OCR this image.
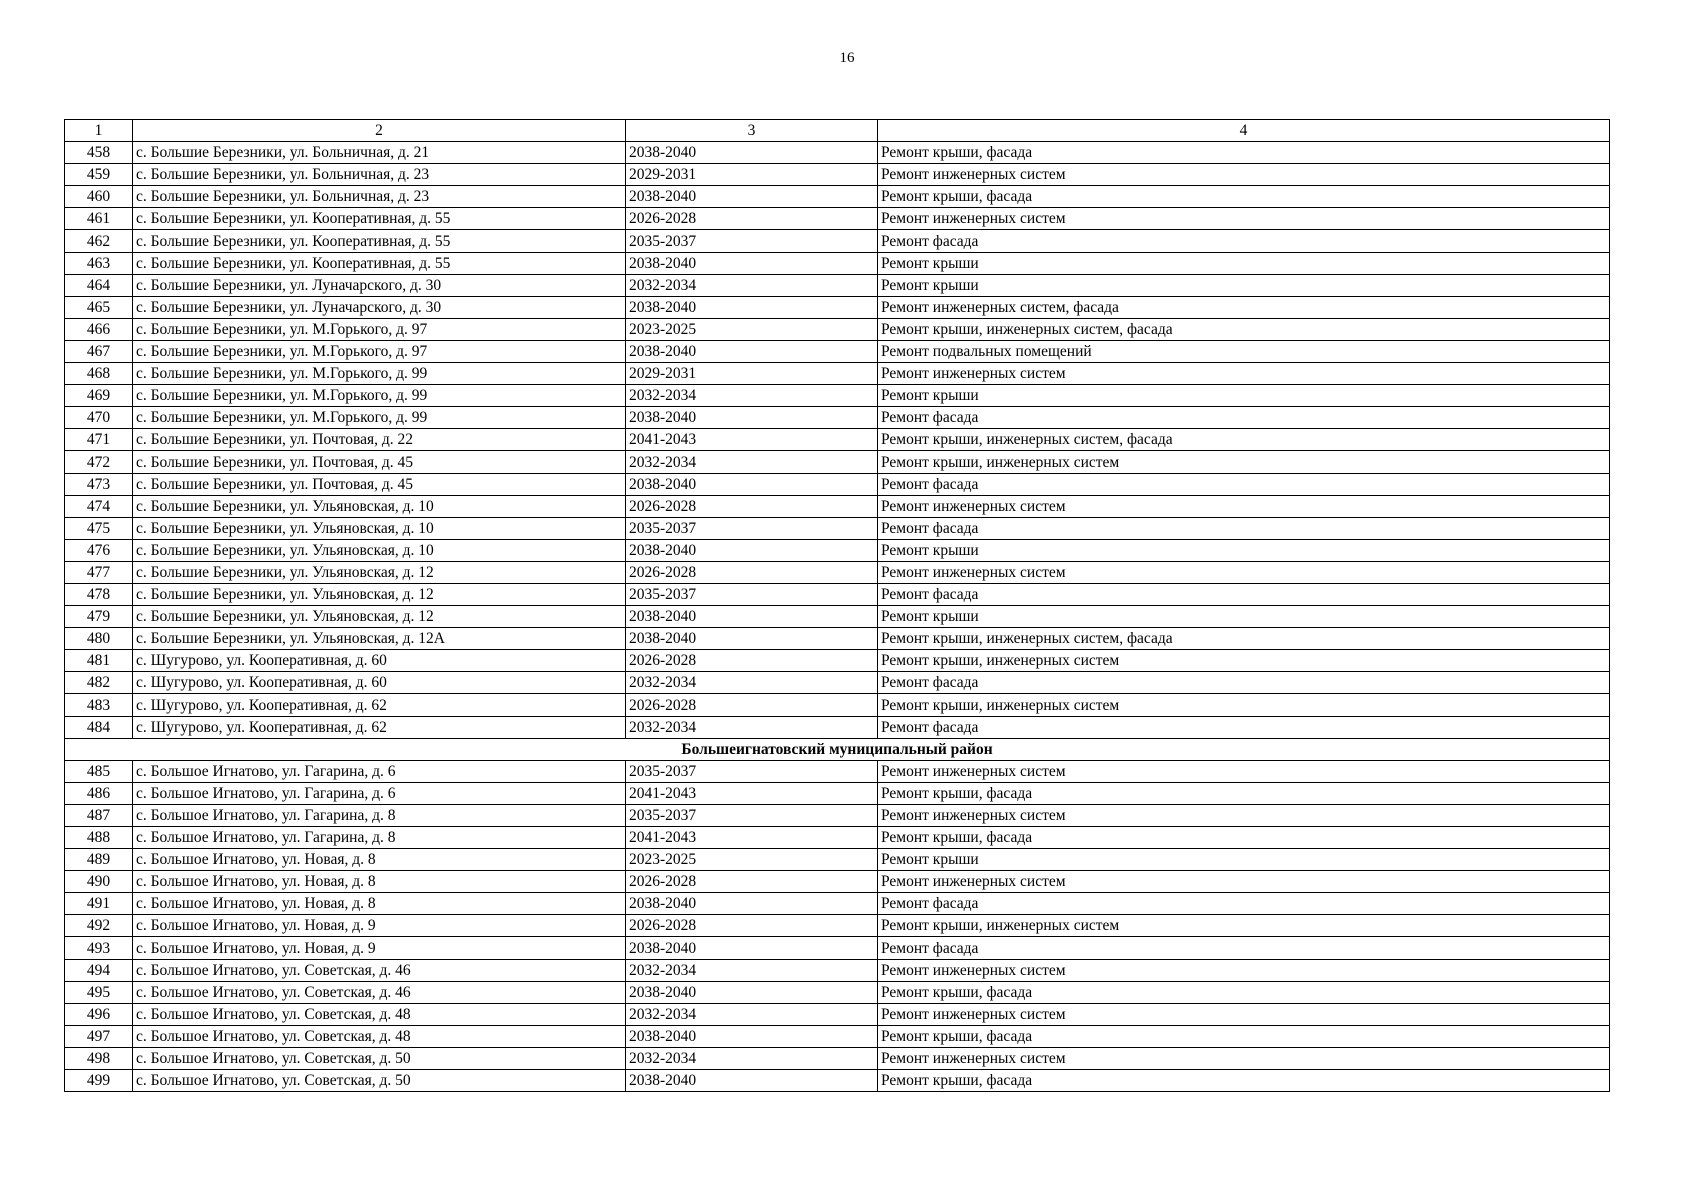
16
1	2	3	4
458	с. Большие Березники, ул. Больничная, д. 21	2038-2040	Ремонт крыши, фасада
459	с. Большие Березники, ул. Больничная, д. 23	2029-2031	Ремонт инженерных систем
460	с. Большие Березники, ул. Больничная, д. 23	2038-2040	Ремонт крыши, фасада
461	с. Большие Березники, ул. Кооперативная, д. 55	2026-2028	Ремонт инженерных систем
462	с. Большие Березники, ул. Кооперативная, д. 55	2035-2037	Ремонт фасада
463	с. Большие Березники, ул. Кооперативная, д. 55	2038-2040	Ремонт крыши
464	с. Большие Березники, ул. Луначарского, д. 30	2032-2034	Ремонт крыши
465	с. Большие Березники, ул. Луначарского, д. 30	2038-2040	Ремонт инженерных систем, фасада
466	с. Большие Березники, ул. М.Горького, д. 97	2023-2025	Ремонт крыши, инженерных систем, фасада
467	с. Большие Березники, ул. М.Горького, д. 97	2038-2040	Ремонт подвальных помещений
468	с. Большие Березники, ул. М.Горького, д. 99	2029-2031	Ремонт инженерных систем
469	с. Большие Березники, ул. М.Горького, д. 99	2032-2034	Ремонт крыши
470	с. Большие Березники, ул. М.Горького, д. 99	2038-2040	Ремонт фасада
471	с. Большие Березники, ул. Почтовая, д. 22	2041-2043	Ремонт крыши, инженерных систем, фасада
472	с. Большие Березники, ул. Почтовая, д. 45	2032-2034	Ремонт крыши, инженерных систем
473	с. Большие Березники, ул. Почтовая, д. 45	2038-2040	Ремонт фасада
474	с. Большие Березники, ул. Ульяновская, д. 10	2026-2028	Ремонт инженерных систем
475	с. Большие Березники, ул. Ульяновская, д. 10	2035-2037	Ремонт фасада
476	с. Большие Березники, ул. Ульяновская, д. 10	2038-2040	Ремонт крыши
477	с. Большие Березники, ул. Ульяновская, д. 12	2026-2028	Ремонт инженерных систем
478	с. Большие Березники, ул. Ульяновская, д. 12	2035-2037	Ремонт фасада
479	с. Большие Березники, ул. Ульяновская, д. 12	2038-2040	Ремонт крыши
480	с. Большие Березники, ул. Ульяновская, д. 12А	2038-2040	Ремонт крыши, инженерных систем, фасада
481	с. Шугурово, ул. Кооперативная, д. 60	2026-2028	Ремонт крыши, инженерных систем
482	с. Шугурово, ул. Кооперативная, д. 60	2032-2034	Ремонт фасада
483	с. Шугурово, ул. Кооперативная, д. 62	2026-2028	Ремонт крыши, инженерных систем
484	с. Шугурово, ул. Кооперативная, д. 62	2032-2034	Ремонт фасада
Большеигнатовский муниципальный район			
485	с. Большое Игнатово, ул. Гагарина, д. 6	2035-2037	Ремонт инженерных систем
486	с. Большое Игнатово, ул. Гагарина, д. 6	2041-2043	Ремонт крыши, фасада
487	с. Большое Игнатово, ул. Гагарина, д. 8	2035-2037	Ремонт инженерных систем
488	с. Большое Игнатово, ул. Гагарина, д. 8	2041-2043	Ремонт крыши, фасада
489	с. Большое Игнатово, ул. Новая, д. 8	2023-2025	Ремонт крыши
490	с. Большое Игнатово, ул. Новая, д. 8	2026-2028	Ремонт инженерных систем
491	с. Большое Игнатово, ул. Новая, д. 8	2038-2040	Ремонт фасада
492	с. Большое Игнатово, ул. Новая, д. 9	2026-2028	Ремонт крыши, инженерных систем
493	с. Большое Игнатово, ул. Новая, д. 9	2038-2040	Ремонт фасада
494	с. Большое Игнатово, ул. Советская, д. 46	2032-2034	Ремонт инженерных систем
495	с. Большое Игнатово, ул. Советская, д. 46	2038-2040	Ремонт крыши, фасада
496	с. Большое Игнатово, ул. Советская, д. 48	2032-2034	Ремонт инженерных систем
497	с. Большое Игнатово, ул. Советская, д. 48	2038-2040	Ремонт крыши, фасада
498	с. Большое Игнатово, ул. Советская, д. 50	2032-2034	Ремонт инженерных систем
499	с. Большое Игнатово, ул. Советская, д. 50	2038-2040	Ремонт крыши, фасада
